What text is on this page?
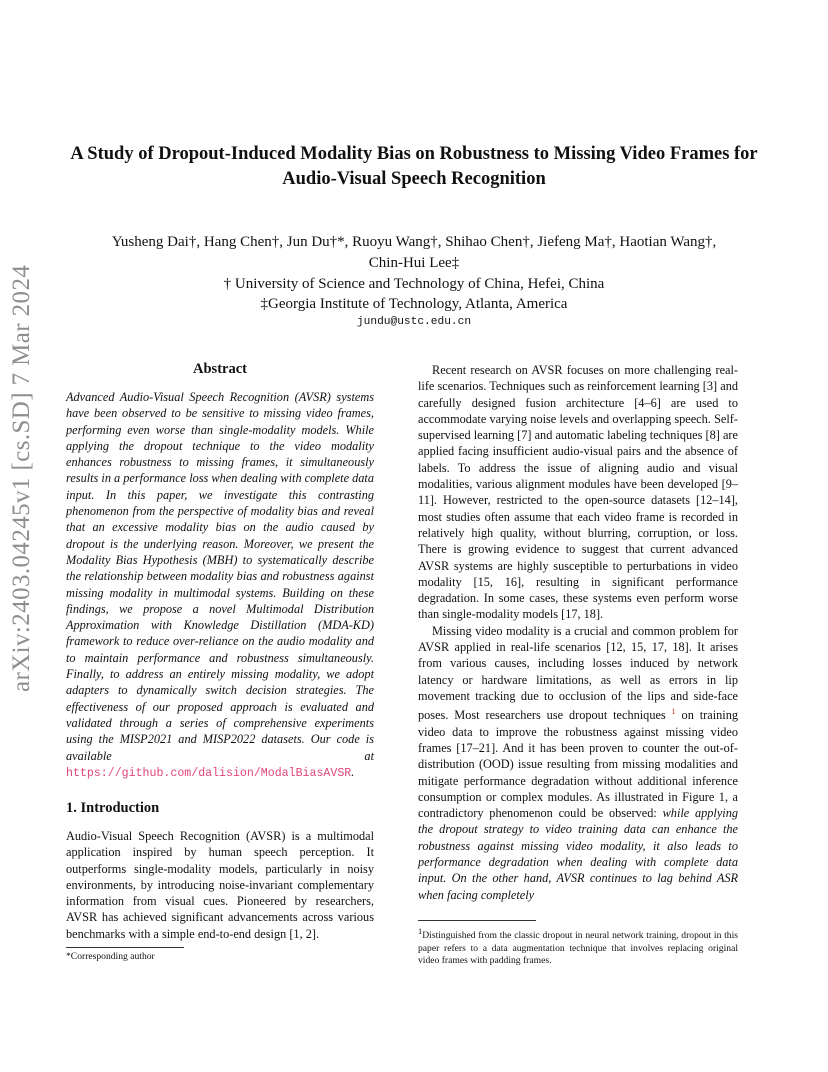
arXiv:2403.04245v1 [cs.SD] 7 Mar 2024
A Study of Dropout-Induced Modality Bias on Robustness to Missing Video Frames for Audio-Visual Speech Recognition
Yusheng Dai†, Hang Chen†, Jun Du†*, Ruoyu Wang†, Shihao Chen†, Jiefeng Ma†, Haotian Wang†,
Chin-Hui Lee‡
† University of Science and Technology of China, Hefei, China
‡Georgia Institute of Technology, Atlanta, America
jundu@ustc.edu.cn
Abstract
Advanced Audio-Visual Speech Recognition (AVSR) systems have been observed to be sensitive to missing video frames, performing even worse than single-modality models. While applying the dropout technique to the video modality enhances robustness to missing frames, it simultaneously results in a performance loss when dealing with complete data input. In this paper, we investigate this contrasting phenomenon from the perspective of modality bias and reveal that an excessive modality bias on the audio caused by dropout is the underlying reason. Moreover, we present the Modality Bias Hypothesis (MBH) to systematically describe the relationship between modality bias and robustness against missing modality in multimodal systems. Building on these findings, we propose a novel Multimodal Distribution Approximation with Knowledge Distillation (MDA-KD) framework to reduce over-reliance on the audio modality and to maintain performance and robustness simultaneously. Finally, to address an entirely missing modality, we adopt adapters to dynamically switch decision strategies. The effectiveness of our proposed approach is evaluated and validated through a series of comprehensive experiments using the MISP2021 and MISP2022 datasets. Our code is available at https://github.com/dalision/ModalBiasAVSR.
1. Introduction
Audio-Visual Speech Recognition (AVSR) is a multimodal application inspired by human speech perception. It outperforms single-modality models, particularly in noisy environments, by introducing noise-invariant complementary information from visual cues. Pioneered by researchers, AVSR has achieved significant advancements across various benchmarks with a simple end-to-end design [1, 2].
*Corresponding author

Recent research on AVSR focuses on more challenging real-life scenarios. Techniques such as reinforcement learning [3] and carefully designed fusion architecture [4–6] are used to accommodate varying noise levels and overlapping speech. Self-supervised learning [7] and automatic labeling techniques [8] are applied facing insufficient audio-visual pairs and the absence of labels. To address the issue of aligning audio and visual modalities, various alignment modules have been developed [9–11]. However, restricted to the open-source datasets [12–14], most studies often assume that each video frame is recorded in relatively high quality, without blurring, corruption, or loss. There is growing evidence to suggest that current advanced AVSR systems are highly susceptible to perturbations in video modality [15, 16], resulting in significant performance degradation. In some cases, these systems even perform worse than single-modality models [17, 18].

Missing video modality is a crucial and common problem for AVSR applied in real-life scenarios [12, 15, 17, 18]. It arises from various causes, including losses induced by network latency or hardware limitations, as well as errors in lip movement tracking due to occlusion of the lips and side-face poses. Most researchers use dropout techniques $^1$ on training video data to improve the robustness against missing video frames [17–21]. And it has been proven to counter the out-of-distribution (OOD) issue resulting from missing modalities and mitigate performance degradation without additional inference consumption or complex modules. As illustrated in Figure 1, a contradictory phenomenon could be observed: while applying the dropout strategy to video training data can enhance the robustness against missing video modality, it also leads to performance degradation when dealing with complete data input. On the other hand, AVSR continues to lag behind ASR when facing completely

$^1$Distinguished from the classic dropout in neural network training, dropout in this paper refers to a data augmentation technique that involves replacing original video frames with padding frames.
